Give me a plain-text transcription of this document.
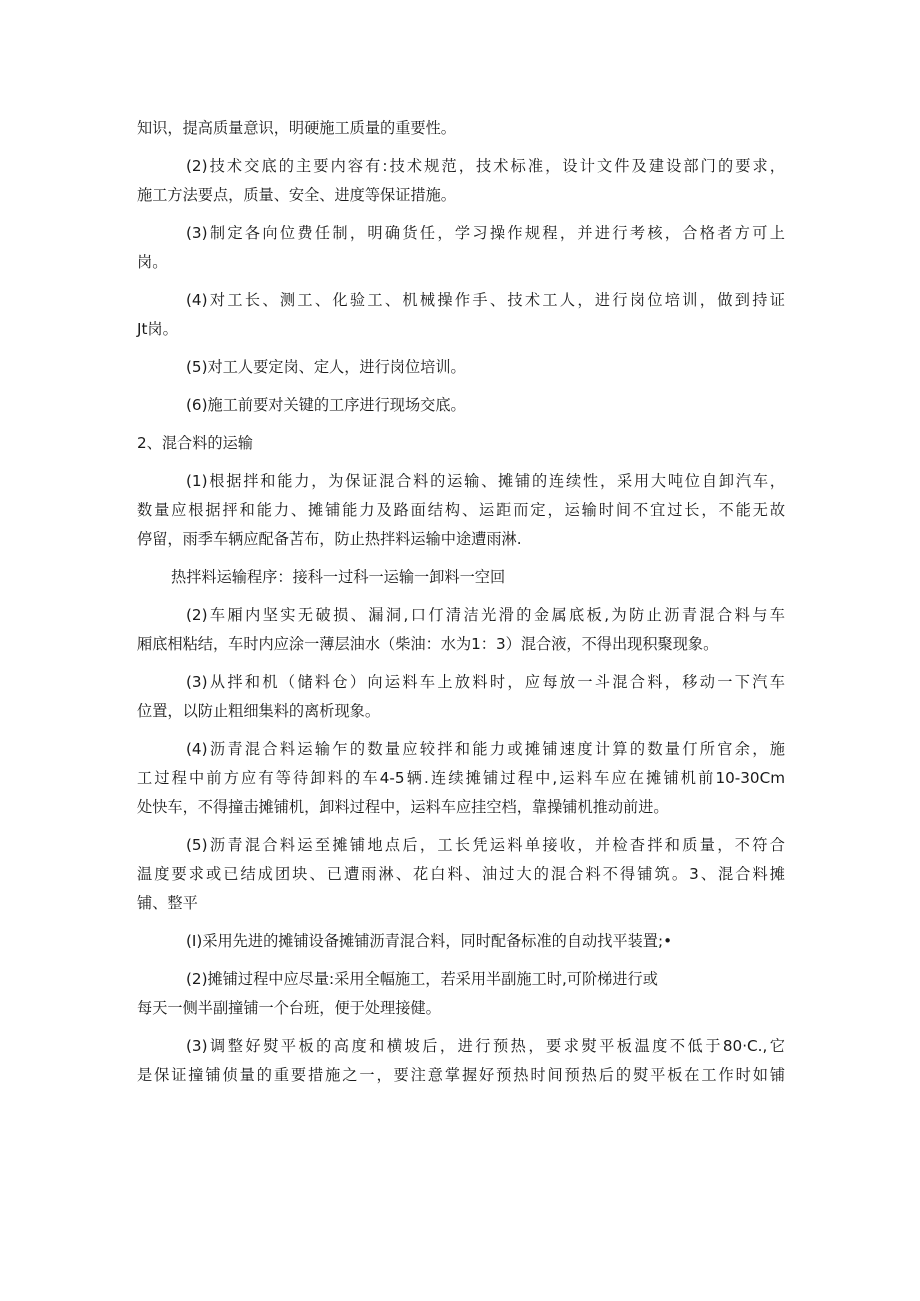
知识，提高质量意识，明硬施工质量的重要性。
(2)技术交底的主要内容有:技术规范，技术标准，设计文件及建设部门的要求，
施工方法要点，质量、安全、进度等保证措施。
(3)制定各向位费任制，明确货任，学习操作规程，并进行考核，合格者方可上
岗。
(4)对工长、测工、化验工、机械操作手、技术工人，进行岗位培训，做到持证
Jt岗。
(5)对工人要定岗、定人，进行岗位培训。
(6)施工前要对关键的工序进行现场交底。
2、混合料的运输
(1)根据拌和能力，为保证混合料的运输、摊铺的连续性，采用大吨位自卸汽车，
数量应根据抨和能力、摊铺能力及路面结构、运距而定，运输时间不宜过长，不能无故
停留，雨季车辆应配备苫布，防止热拌料运输中途遭雨淋.
热拌料运输程序：接科一过科一运输一卸料一空回
(2)车厢内坚实无破损、漏洞,口仃清洁光滑的金属底板,为防止沥青混合料与车
厢底相粘结，车时内应涂一薄层油水（柴油：水为1：3）混合液，不得出现积聚现象。
(3)从拌和机（储料仓）向运料车上放料时，应每放一斗混合料，移动一下汽车
位置，以防止粗细集料的离析现象。
(4)沥青混合料运输乍的数量应较拌和能力或摊铺速度计算的数量仃所官余，施
工过程中前方应有等待卸料的车4-5辆.连续摊铺过程中,运料车应在摊铺机前10-30Cm
处快车，不得撞击摊铺机，卸料过程中，运料车应挂空档，靠操铺机推动前进。
(5)沥青混合料运至摊铺地点后，工长凭运料单接收，并检杳拌和质量，不符合
温度要求或已结成团块、已遭雨淋、花白料、油过大的混合料不得铺筑。3、混合料摊
铺、整平
(I)采用先进的摊铺设备摊铺沥青混合料，同时配备标准的自动找平装置;•
(2)摊铺过程中应尽量:采用全幅施工，若采用半副施工时,可阶梯进行或
每天一侧半副撞铺一个台班，便于处理接健。
(3)调整好熨平板的高度和横坡后，进行预热，要求熨平板温度不低于80·C.,它
是保证撞铺侦量的重要措施之一，要注意掌握好预热时间预热后的熨平板在工作时如铺
